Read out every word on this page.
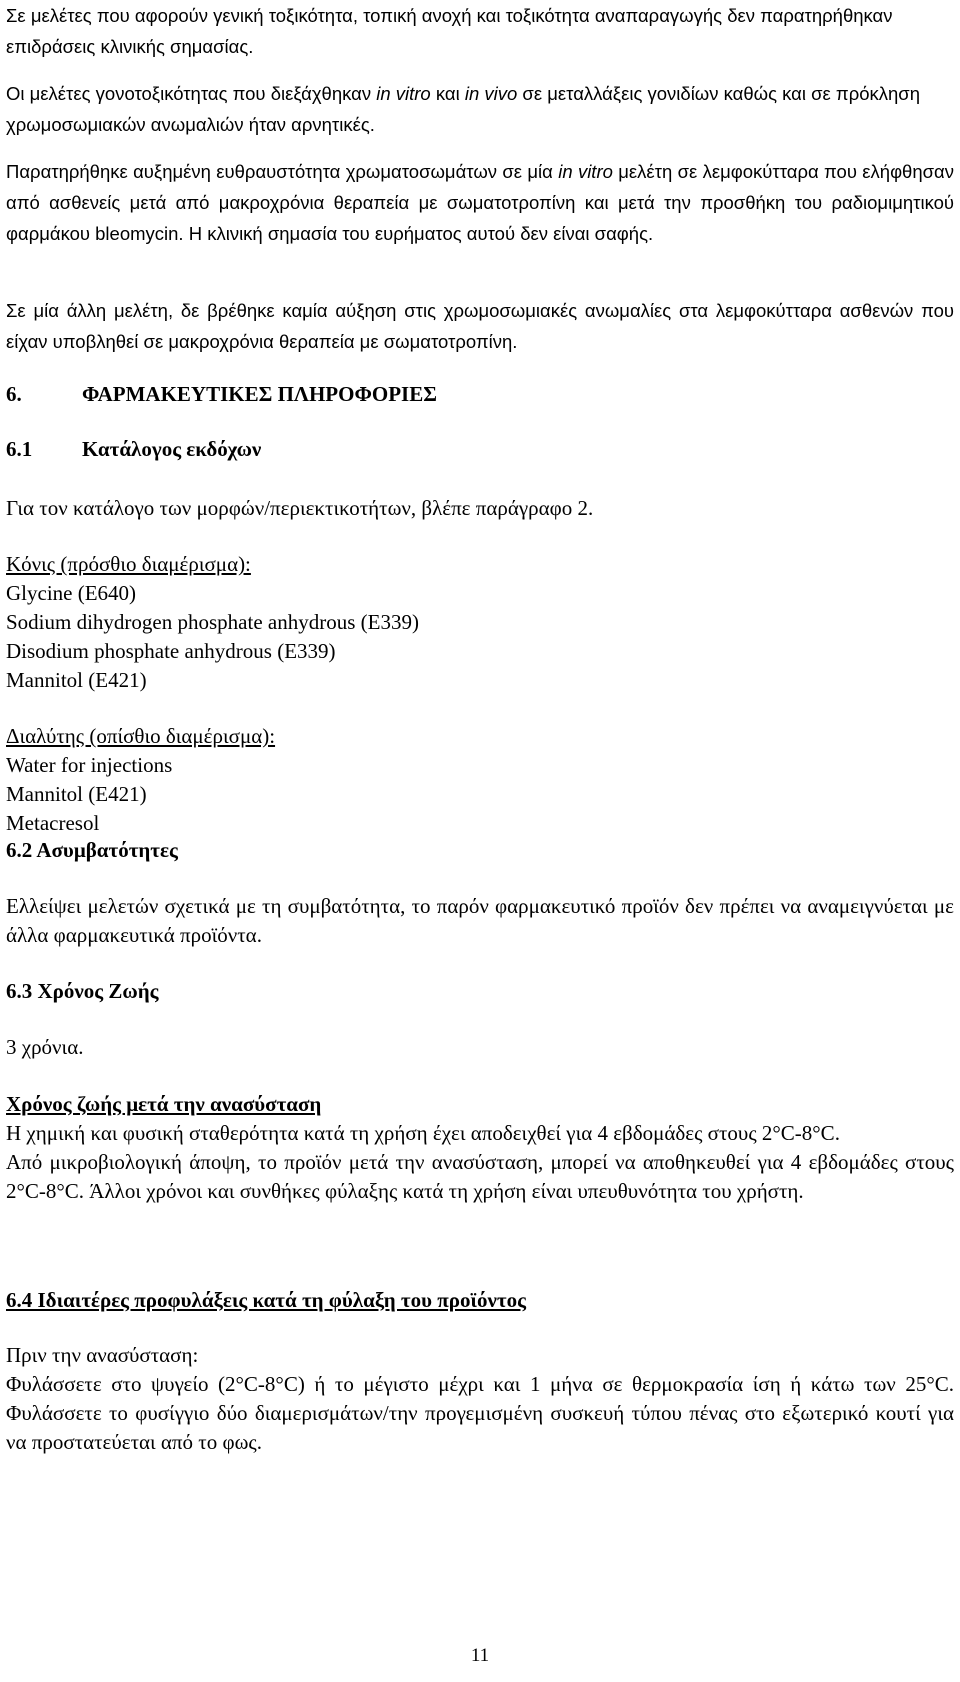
Σε μελέτες που αφορούν γενική τοξικότητα, τοπική ανοχή και τοξικότητα αναπαραγωγής δεν παρατηρήθηκαν επιδράσεις κλινικής σημασίας.

Οι μελέτες γονοτοξικότητας που διεξάχθηκαν in vitro και in vivo σε μεταλλάξεις γονιδίων καθώς και σε πρόκληση χρωμοσωμιακών ανωμαλιών ήταν αρνητικές.

Παρατηρήθηκε αυξημένη ευθραυστότητα χρωματοσωμάτων σε μία in vitro μελέτη σε λεμφοκύτταρα που ελήφθησαν από ασθενείς μετά από μακροχρόνια θεραπεία με σωματοτροπίνη και μετά την προσθήκη του ραδιομιμητικού φαρμάκου bleomycin. Η κλινική σημασία του ευρήματος αυτού δεν είναι σαφής.

Σε μία άλλη μελέτη, δε βρέθηκε καμία αύξηση στις χρωμοσωμιακές ανωμαλίες στα λεμφοκύτταρα ασθενών που είχαν υποβληθεί σε μακροχρόνια θεραπεία με σωματοτροπίνη.

6.	ΦΑΡΜΑΚΕΥΤΙΚΕΣ ΠΛΗΡΟΦΟΡΙΕΣ

6.1 Κατάλογος εκδόχων

Για τον κατάλογο των μορφών/περιεκτικοτήτων, βλέπε παράγραφο 2.

Κόνις (πρόσθιο διαμέρισμα):

Glycine (E640)

Sodium dihydrogen phosphate anhydrous (E339)

Disodium phosphate anhydrous (E339)

Mannitol (E421)

Διαλύτης (οπίσθιο διαμέρισμα):

Water for injections

Mannitol (E421)

Metacresol

6.2 Ασυμβατότητες

Ελλείψει μελετών σχετικά με τη συμβατότητα, το παρόν φαρμακευτικό προϊόν δεν πρέπει να αναμειγνύεται με άλλα φαρμακευτικά προϊόντα.

6.3 Χρόνος Ζωής

3 χρόνια.

Χρόνος ζωής μετά την ανασύσταση

Η χημική και φυσική σταθερότητα κατά τη χρήση έχει αποδειχθεί για 4 εβδομάδες στους 2°C-8°C.

Από μικροβιολογική άποψη, το προϊόν μετά την ανασύσταση, μπορεί να αποθηκευθεί για 4 εβδομάδες στους 2°C-8°C. Άλλοι χρόνοι και συνθήκες φύλαξης κατά τη χρήση είναι υπευθυνότητα του χρήστη.

6.4 Ιδιαιτέρες προφυλάξεις κατά τη φύλαξη του προϊόντος

Πριν την ανασύσταση:

Φυλάσσετε στο ψυγείο (2°C-8°C) ή το μέγιστο μέχρι και 1 μήνα σε θερμοκρασία ίση ή κάτω των 25°C. Φυλάσσετε το φυσίγγιο δύο διαμερισμάτων/την προγεμισμένη συσκευή τύπου πένας στο εξωτερικό κουτί για να προστατεύεται από το φως.

11
